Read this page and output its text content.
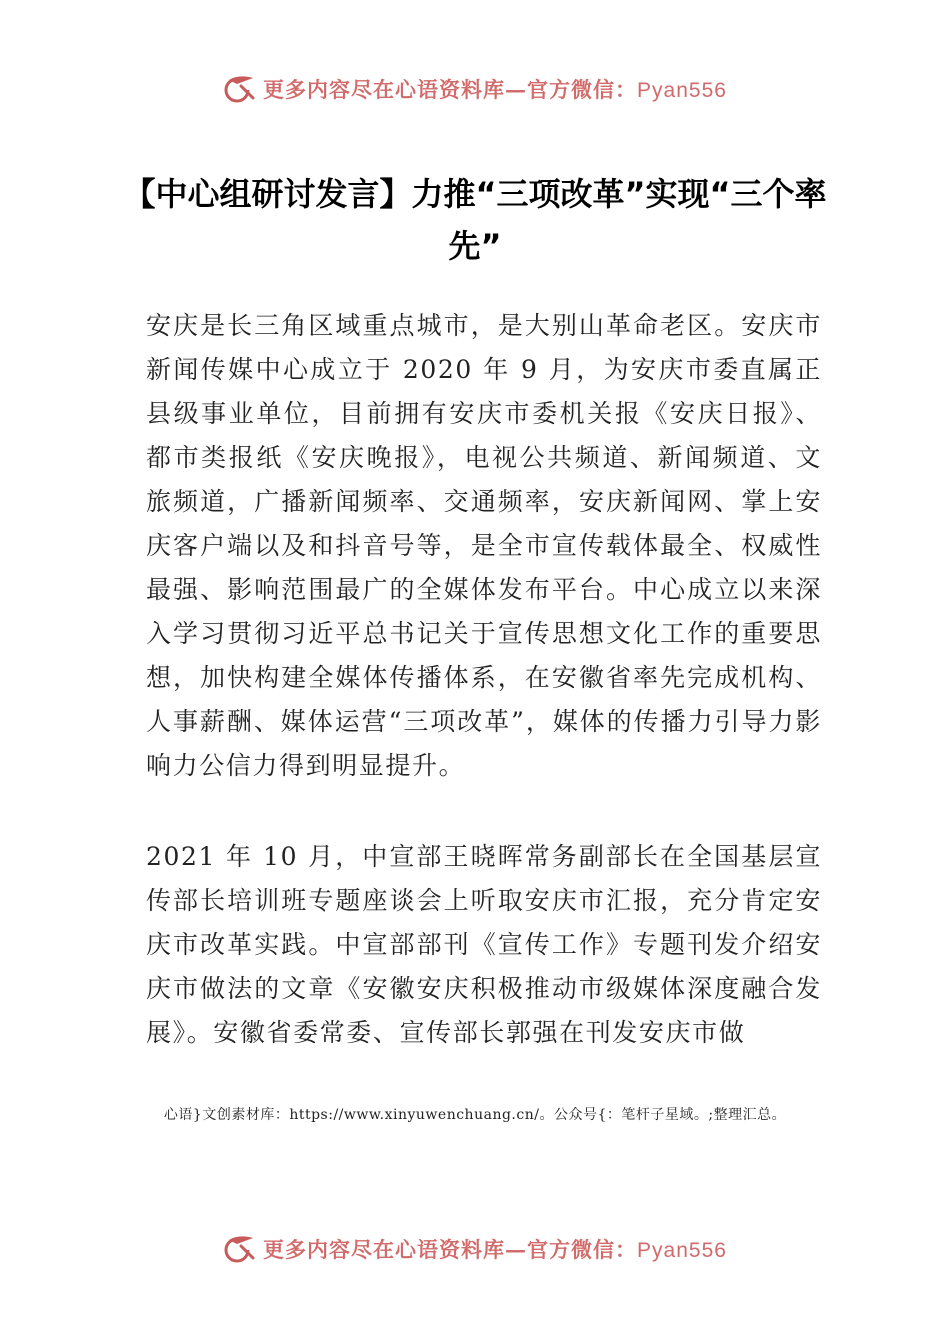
更多内容尽在心语资料库—官方微信：Pyan556
【中心组研讨发言】力推“三项改革”实现“三个率先”
安庆是长三角区域重点城市，是大别山革命老区。安庆市新闻传媒中心成立于 2020 年 9 月，为安庆市委直属正县级事业单位，目前拥有安庆市委机关报《安庆日报》、都市类报纸《安庆晚报》，电视公共频道、新闻频道、文旅频道，广播新闻频率、交通频率，安庆新闻网、掌上安庆客户端以及和抖音号等，是全市宣传载体最全、权威性最强、影响范围最广的全媒体发布平台。中心成立以来深入学习贯彻习近平总书记关于宣传思想文化工作的重要思想，加快构建全媒体传播体系，在安徽省率先完成机构、人事薪酬、媒体运营“三项改革”，媒体的传播力引导力影响力公信力得到明显提升。
2021 年 10 月，中宣部王晓晖常务副部长在全国基层宣传部长培训班专题座谈会上听取安庆市汇报，充分肯定安庆市改革实践。中宣部部刊《宣传工作》专题刊发介绍安庆市做法的文章《安徽安庆积极推动市级媒体深度融合发展》。安徽省委常委、宣传部长郭强在刊发安庆市做
心语}文创素材库：https://www.xinyuwenchuang.cn/。公众号{：笔杆子星域。;整理汇总。
更多内容尽在心语资料库—官方微信：Pyan556
